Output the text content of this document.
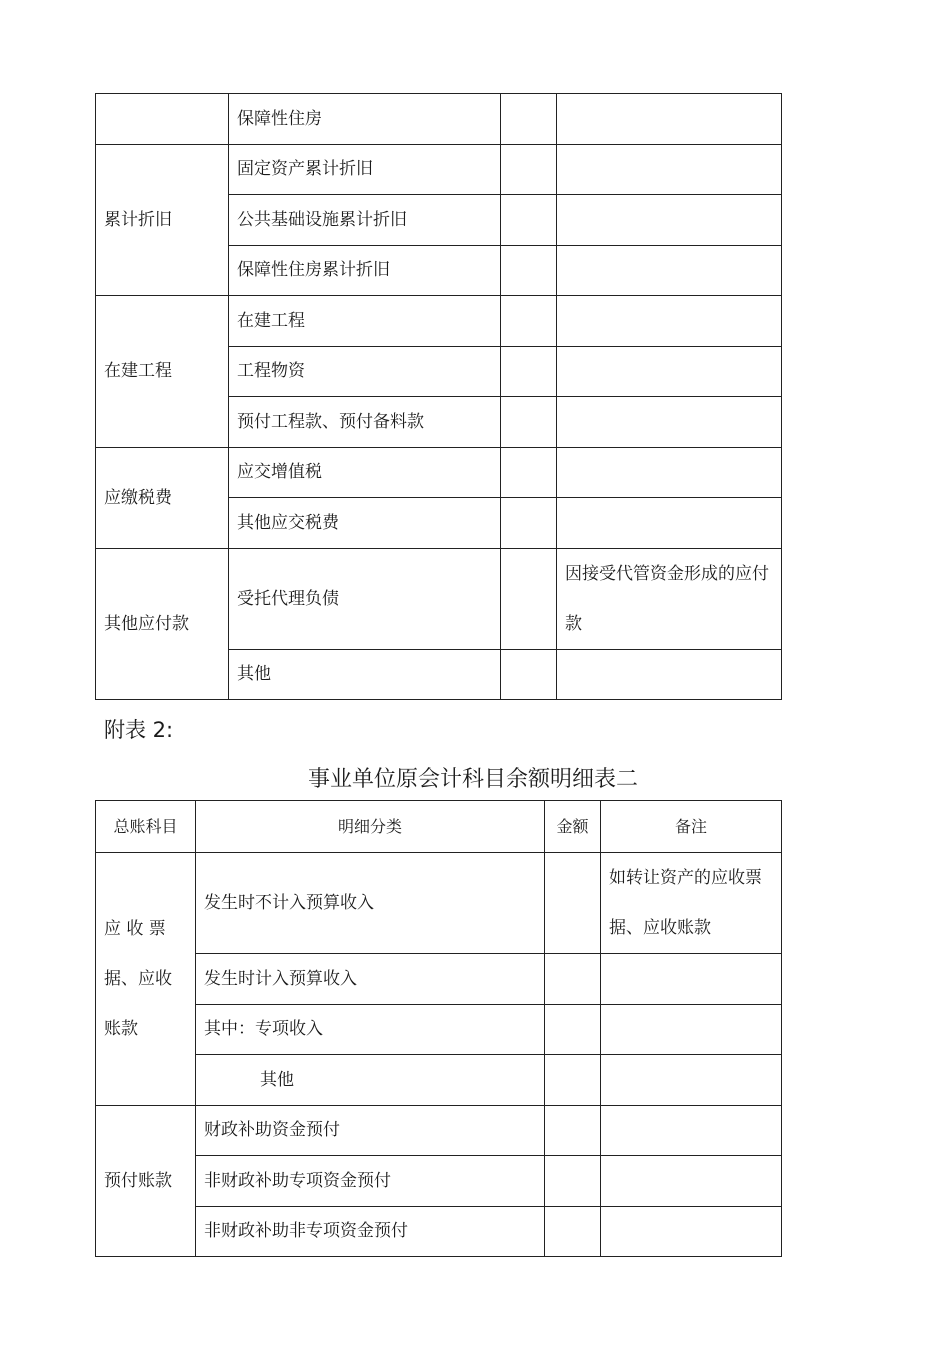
	保障性住房		
累计折旧	固定资产累计折旧		
	公共基础设施累计折旧		
	保障性住房累计折旧		
在建工程	在建工程		
	工程物资		
	预付工程款、预付备料款		
应缴税费	应交增值税		
	其他应交税费		
其他应付款	受托代理负债		因接受代管资金形成的应付款
	其他		
附表 2:
事业单位原会计科目余额明细表二
总账科目	明细分类	金额	备注
应 收 票据、应收账款	发生时不计入预算收入		如转让资产的应收票据、应收账款
	发生时计入预算收入		
	其中：专项收入		
	其他		
预付账款	财政补助资金预付		
	非财政补助专项资金预付		
	非财政补助非专项资金预付		
